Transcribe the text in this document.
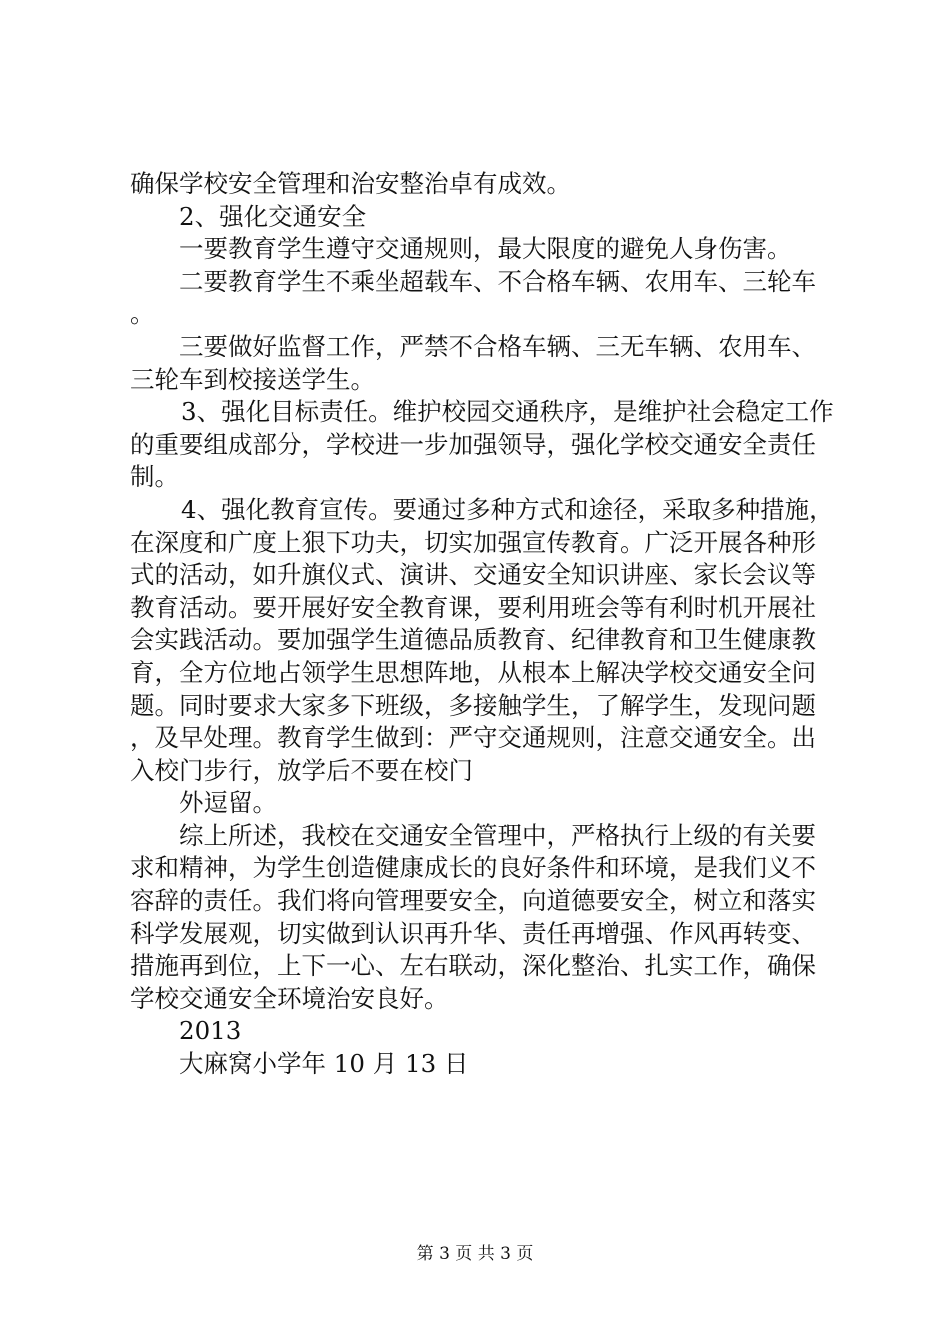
确保学校安全管理和治安整治卓有成效。

2、强化交通安全

一要教育学生遵守交通规则，最大限度的避免人身伤害。

二要教育学生不乘坐超载车、不合格车辆、农用车、三轮车。

三要做好监督工作，严禁不合格车辆、三无车辆、农用车、三轮车到校接送学生。

3、强化目标责任。维护校园交通秩序，是维护社会稳定工作的重要组成部分，学校进一步加强领导，强化学校交通安全责任制。

4、强化教育宣传。要通过多种方式和途径，采取多种措施，在深度和广度上狠下功夫，切实加强宣传教育。广泛开展各种形式的活动，如升旗仪式、演讲、交通安全知识讲座、家长会议等教育活动。要开展好安全教育课，要利用班会等有利时机开展社会实践活动。要加强学生道德品质教育、纪律教育和卫生健康教育，全方位地占领学生思想阵地，从根本上解决学校交通安全问题。同时要求大家多下班级，多接触学生，了解学生，发现问题，及早处理。教育学生做到：严守交通规则，注意交通安全。出入校门步行，放学后不要在校门

外逗留。

综上所述，我校在交通安全管理中，严格执行上级的有关要求和精神，为学生创造健康成长的良好条件和环境，是我们义不容辞的责任。我们将向管理要安全，向道德要安全，树立和落实科学发展观，切实做到认识再升华、责任再增强、作风再转变、措施再到位，上下一心、左右联动，深化整治、扎实工作，确保学校交通安全环境治安良好。

2013

大麻窝小学年 10 月 13 日

第 3 页 共 3 页
